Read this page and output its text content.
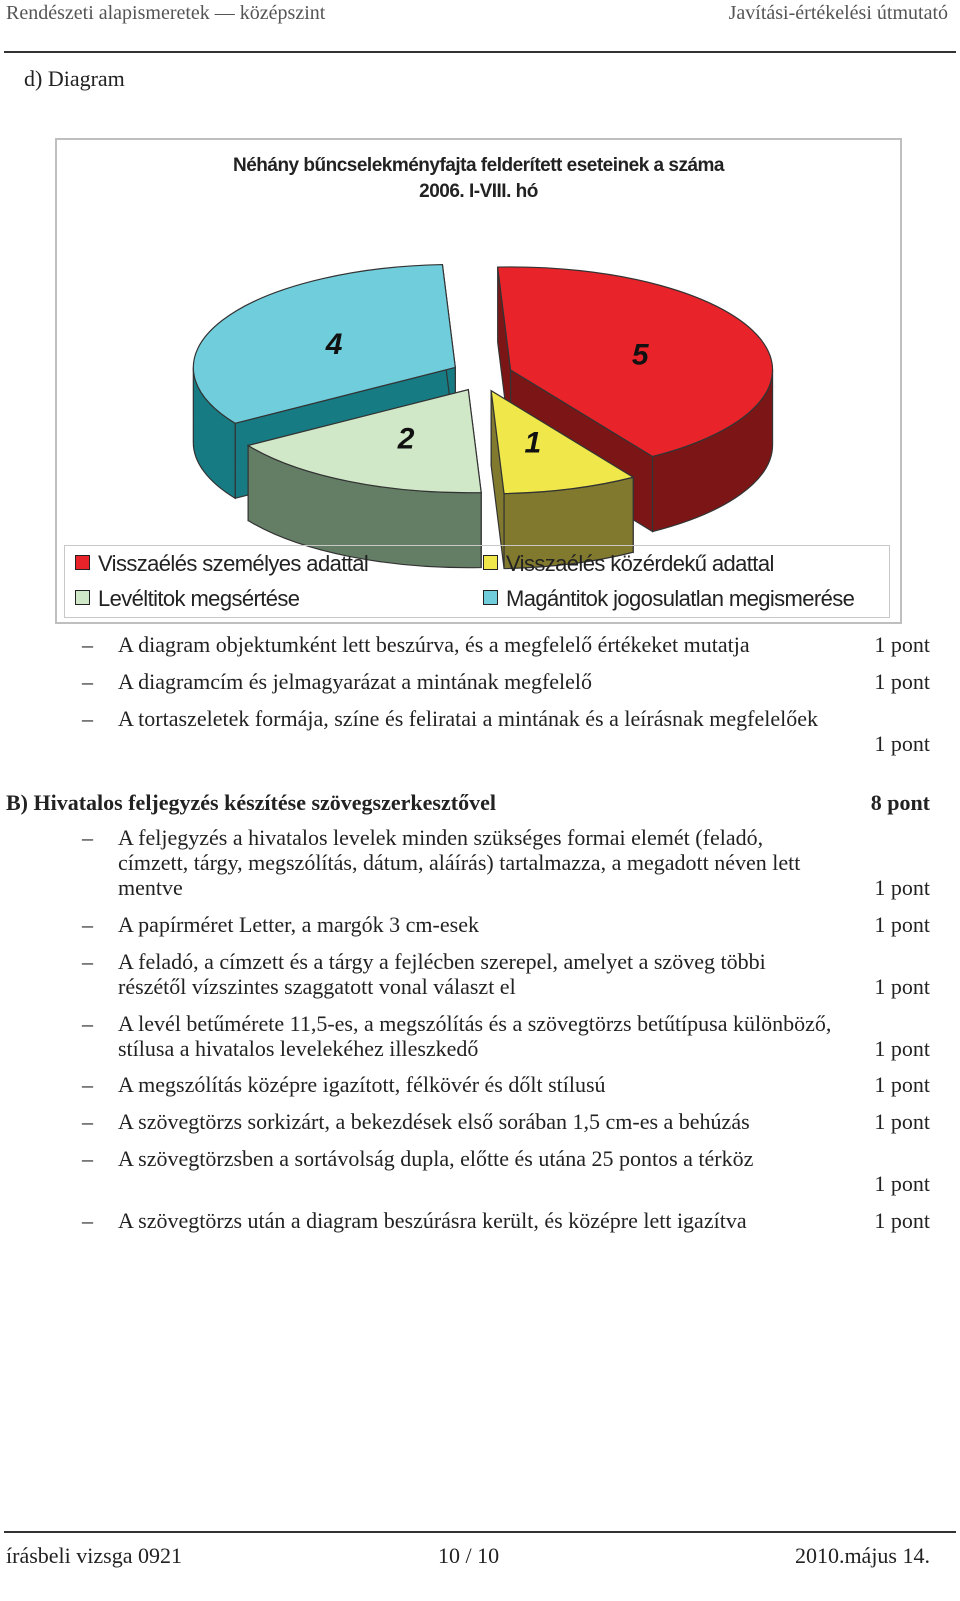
Rendészeti alapismeretek — középszint	Javítási-értékelési útmutató
d) Diagram
5
1
2
4
Néhány bűncselekményfajta felderített eseteinek a száma
2006. I-VIII. hó
Visszaélés személyes adattal	Visszaélés közérdekű adattal
Levéltitok megsértése	Magántitok jogosulatlan megismerése
– A diagram objektumként lett beszúrva, és a megfelelő értékeket mutatja	1 pont
– A diagramcím és jelmagyarázat a mintának megfelelő	1 pont
– A tortaszeletek formája, színe és feliratai a mintának és a leírásnak megfelelőek
1 pont
B) Hivatalos feljegyzés készítése szövegszerkesztővel	8 pont
– A feljegyzés a hivatalos levelek minden szükséges formai elemét (feladó, címzett, tárgy, megszólítás, dátum, aláírás) tartalmazza, a megadott néven lett mentve	1 pont
– A papírméret Letter, a margók 3 cm-esek	1 pont
– A feladó, a címzett és a tárgy a fejlécben szerepel, amelyet a szöveg többi részétől vízszintes szaggatott vonal választ el	1 pont
– A levél betűmérete 11,5-es, a megszólítás és a szövegtörzs betűtípusa különböző, stílusa a hivatalos levelekéhez illeszkedő	1 pont
– A megszólítás középre igazított, félkövér és dőlt stílusú	1 pont
– A szövegtörzs sorkizárt, a bekezdések első sorában 1,5 cm-es a behúzás	1 pont
– A szövegtörzsben a sortávolság dupla, előtte és utána 25 pontos a térköz
1 pont
– A szövegtörzs után a diagram beszúrásra került, és középre lett igazítva	1 pont
írásbeli vizsga 0921	10 / 10	2010.május 14.
